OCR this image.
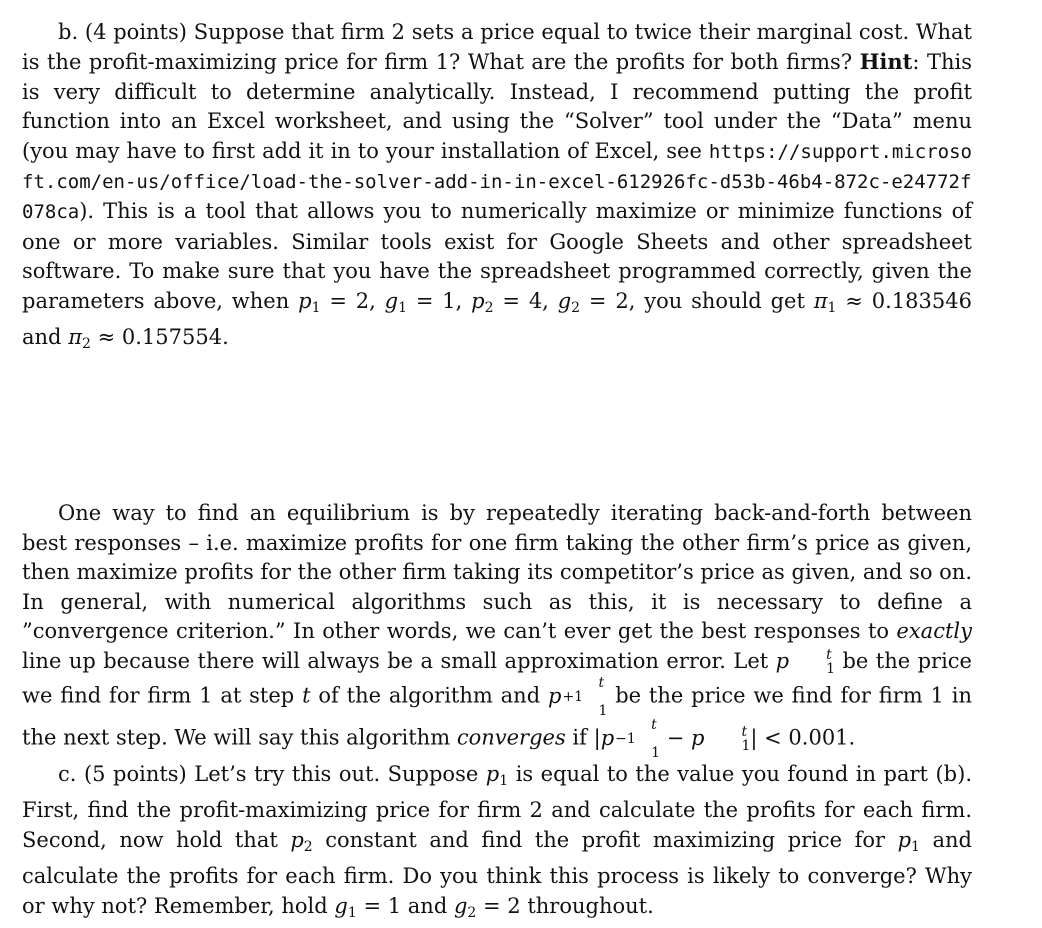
b. (4 points) Suppose that firm 2 sets a price equal to twice their marginal cost. What is the profit-maximizing price for firm 1? What are the profits for both firms? Hint: This is very difficult to determine analytically. Instead, I recommend putting the profit function into an Excel worksheet, and using the “Solver” tool under the “Data” menu (you may have to first add it in to your installation of Excel, see https://support.microsoft.com/en-us/office/load-the-solver-add-in-in-excel-612926fc-d53b-46b4-872c-e24772f078ca). This is a tool that allows you to numerically maximize or minimize functions of one or more variables. Similar tools exist for Google Sheets and other spreadsheet software. To make sure that you have the spreadsheet programmed correctly, given the parameters above, when $p_1 = 2$, $g_1 = 1$, $p_2 = 4$, $g_2 = 2$, you should get $\pi_1 \approx 0.183546$ and $\pi_2 \approx 0.157554$.

One way to find an equilibrium is by repeatedly iterating back-and-forth between best responses – i.e. maximize profits for one firm taking the other firm’s price as given, then maximize profits for the other firm taking its competitor’s price as given, and so on. In general, with numerical algorithms such as this, it is necessary to define a ”convergence criterion.” In other words, we can’t ever get the best responses to exactly line up because there will always be a small approximation error. Let p	t
1 be the price we find for firm 1 at step t of the algorithm and p
t
+1
1
be the price we find for firm 1 in the next step. We will say this algorithm converges if |p
t
−1
1
− p	t
1 | < 0.001.

c. (5 points) Let’s try this out. Suppose $p_1$ is equal to the value you found in part (b). First, find the profit-maximizing price for firm 2 and calculate the profits for each firm. Second, now hold that $p_2$ constant and find the profit maximizing price for $p_1$ and calculate the profits for each firm. Do you think this process is likely to converge? Why or why not? Remember, hold $g_1 = 1$ and $g_2 = 2$ throughout.
